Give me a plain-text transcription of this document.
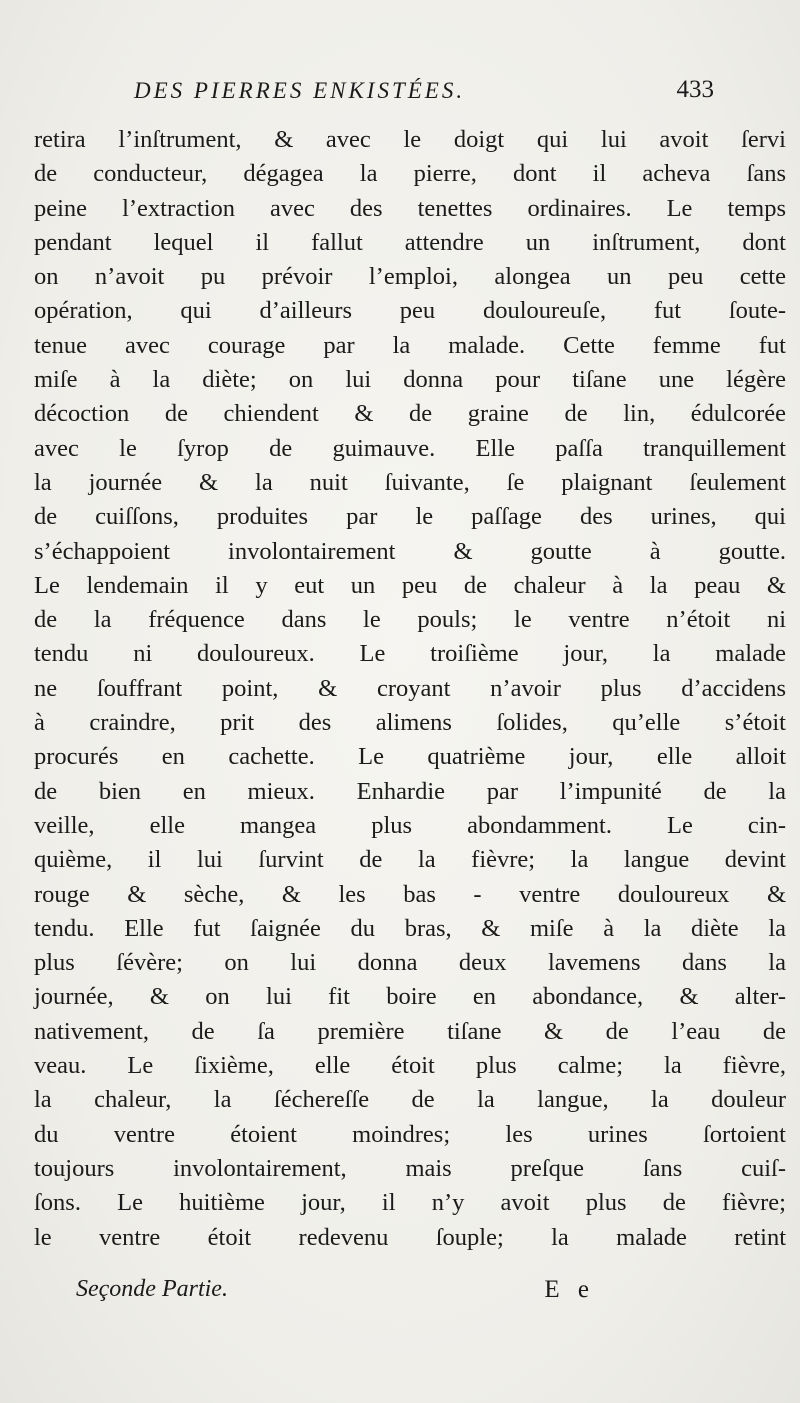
DES PIERRES ENKISTÉES.	433
retira l’inſtrument, & avec le doigt qui lui avoit ſervi
de conducteur, dégagea la pierre, dont il acheva ſans
peine l’extraction avec des tenettes ordinaires. Le temps
pendant lequel il fallut attendre un inſtrument, dont
on n’avoit pu prévoir l’emploi, alongea un peu cette
opération, qui d’ailleurs peu douloureuſe, fut ſoute-
tenue avec courage par la malade. Cette femme fut
miſe à la diète; on lui donna pour tiſane une légère
décoction de chiendent & de graine de lin, édulcorée
avec le ſyrop de guimauve. Elle paſſa tranquillement
la journée & la nuit ſuivante, ſe plaignant ſeulement
de cuiſſons, produites par le paſſage des urines, qui
s’échappoient involontairement & goutte à goutte.
Le lendemain il y eut un peu de chaleur à la peau &
de la fréquence dans le pouls; le ventre n’étoit ni
tendu ni douloureux. Le troiſième jour, la malade
ne ſouffrant point, & croyant n’avoir plus d’accidens
à craindre, prit des alimens ſolides, qu’elle s’étoit
procurés en cachette. Le quatrième jour, elle alloit
de bien en mieux. Enhardie par l’impunité de la
veille, elle mangea plus abondamment. Le cin-
quième, il lui ſurvint de la fièvre; la langue devint
rouge & sèche, & les bas - ventre douloureux &
tendu. Elle fut ſaignée du bras, & miſe à la diète la
plus ſévère; on lui donna deux lavemens dans la
journée, & on lui fit boire en abondance, & alter-
nativement, de ſa première tiſane & de l’eau de
veau. Le ſixième, elle étoit plus calme; la fièvre,
la chaleur, la ſécherеſſe de la langue, la douleur
du ventre étoient moindres; les urines ſortoient
toujours involontairement, mais preſque ſans cuiſ-
ſons. Le huitième jour, il n’y avoit plus de fièvre;
le ventre étoit redevenu ſouple; la malade retint
Seçonde Partie.	E e
